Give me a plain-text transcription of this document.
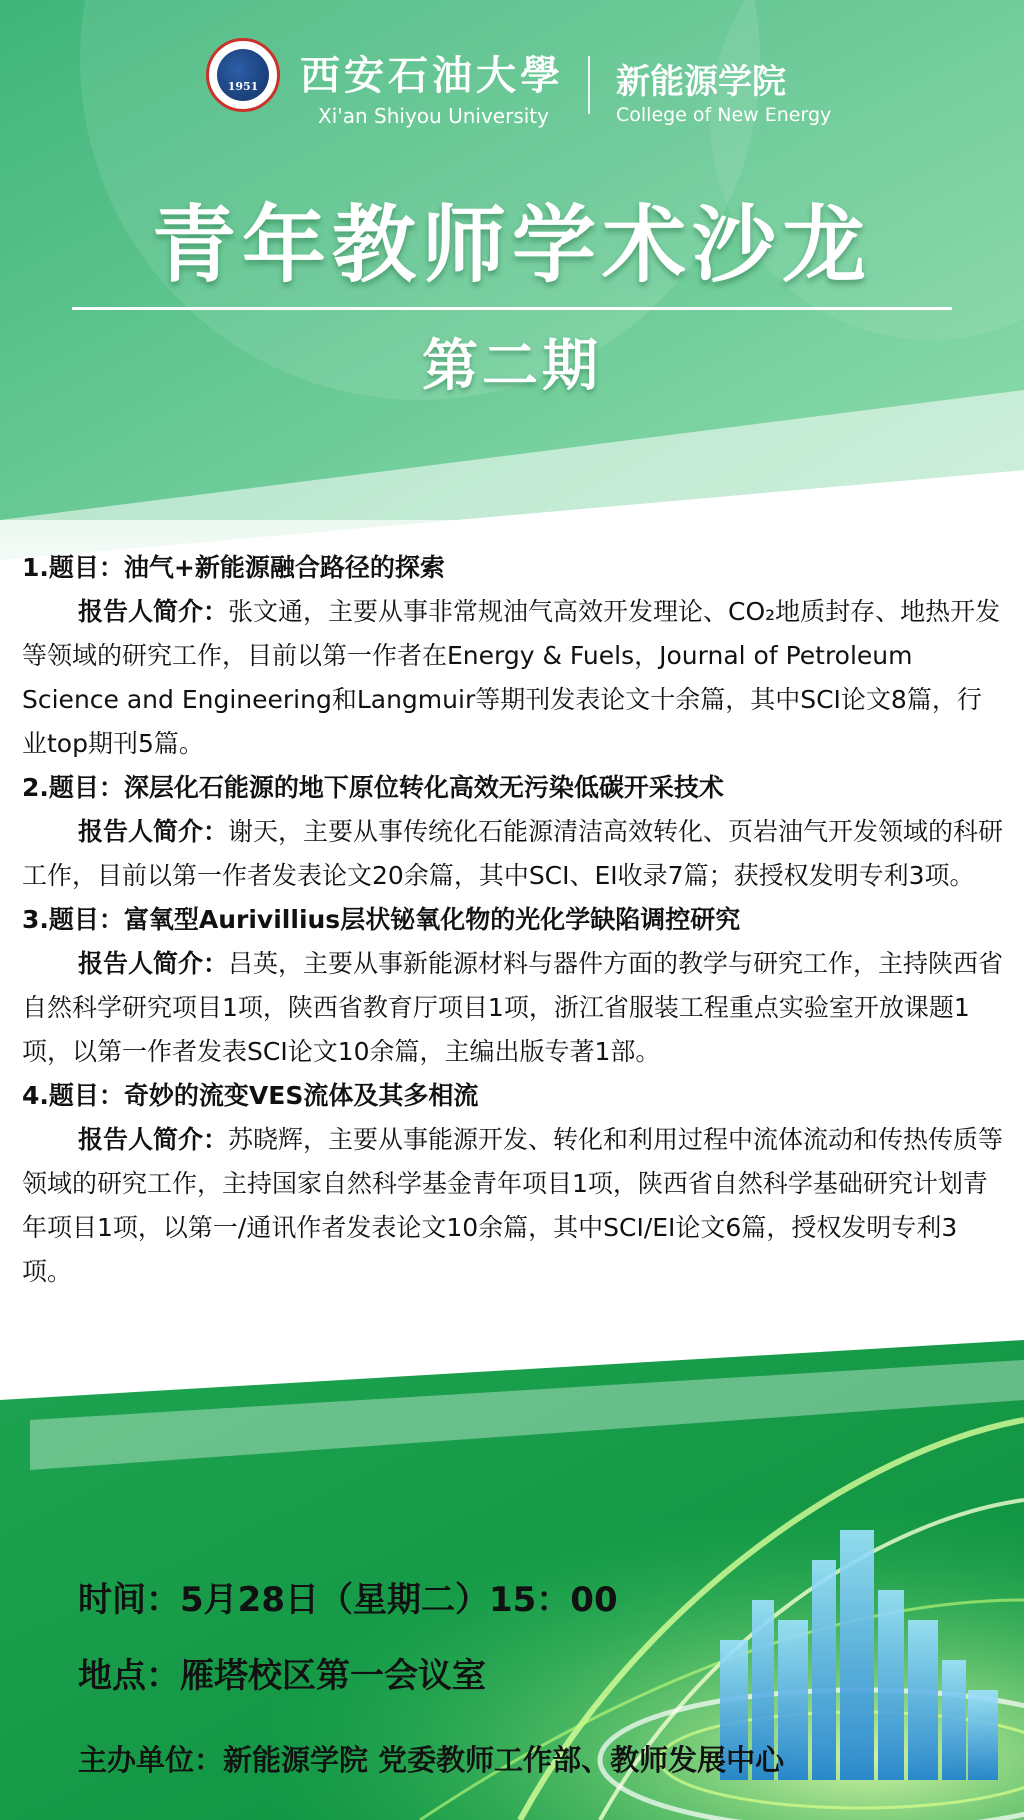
1951 西安石油大學
Xi'an Shiyou University
新能源学院
College of New Energy
青年教师学术沙龙
第二期
1.题目：油气+新能源融合路径的探索
报告人简介：张文通，主要从事非常规油气高效开发理论、CO₂地质封存、地热开发等领域的研究工作，目前以第一作者在Energy & Fuels，Journal of Petroleum Science and Engineering和Langmuir等期刊发表论文十余篇，其中SCI论文8篇，行业top期刊5篇。
2.题目：深层化石能源的地下原位转化高效无污染低碳开采技术
报告人简介：谢天，主要从事传统化石能源清洁高效转化、页岩油气开发领域的科研工作，目前以第一作者发表论文20余篇，其中SCI、EI收录7篇；获授权发明专利3项。
3.题目：富氧型Aurivillius层状铋氧化物的光化学缺陷调控研究
报告人简介：吕英，主要从事新能源材料与器件方面的教学与研究工作，主持陕西省自然科学研究项目1项，陕西省教育厅项目1项，浙江省服装工程重点实验室开放课题1项，以第一作者发表SCI论文10余篇，主编出版专著1部。
4.题目：奇妙的流变VES流体及其多相流
报告人简介：苏晓辉，主要从事能源开发、转化和利用过程中流体流动和传热传质等领域的研究工作，主持国家自然科学基金青年项目1项，陕西省自然科学基础研究计划青年项目1项，以第一/通讯作者发表论文10余篇，其中SCI/EI论文6篇，授权发明专利3项。
时间：5月28日（星期二）15：00
地点：雁塔校区第一会议室
主办单位：新能源学院 党委教师工作部、教师发展中心
